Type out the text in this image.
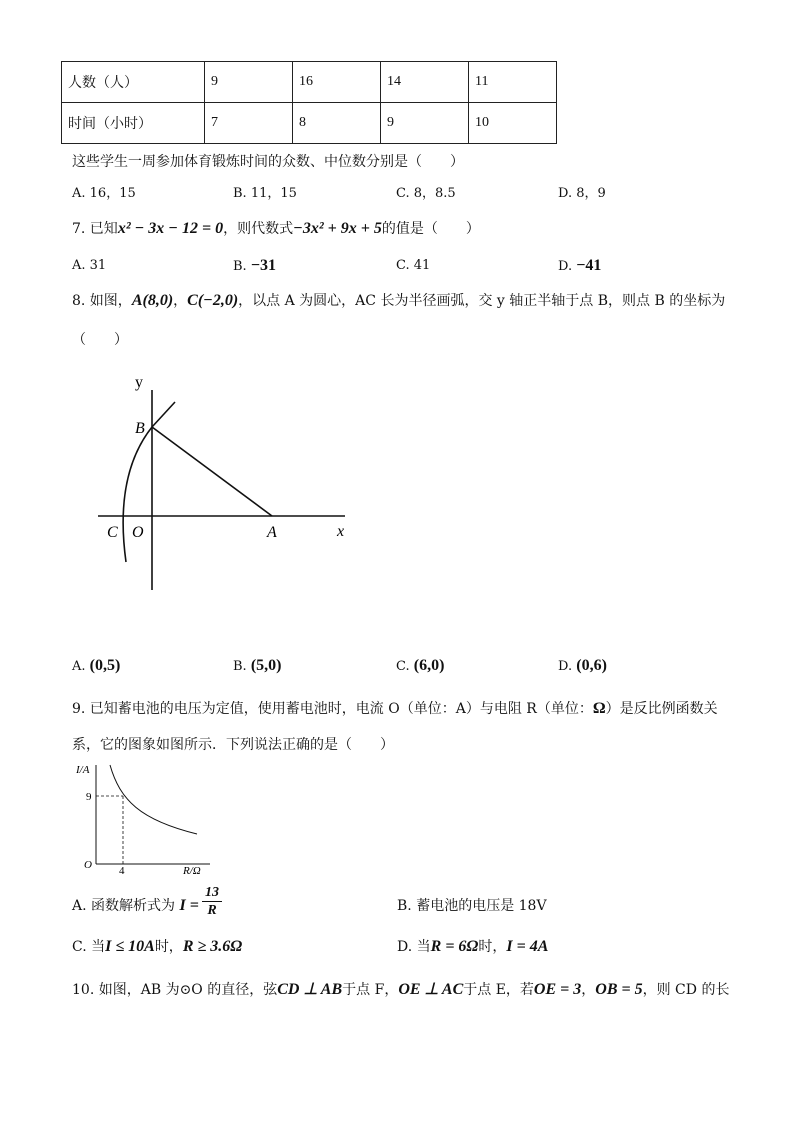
人数（人）	9	16	14	11
时间（小时）	7	8	9	10
这些学生一周参加体育锻炼时间的众数、中位数分别是（　　）
A. 16，15	B. 11，15	C. 8，8.5	D. 8，9
7. 已知x² − 3x − 12 = 0，则代数式−3x² + 9x + 5的值是（　　）
A. 31	B. −31	C. 41	D. −41
8. 如图，A(8,0)，C(−2,0)，以点 A 为圆心，AC 长为半径画弧，交 y 轴正半轴于点 B，则点 B 的坐标为
（　　）
y
x
B
C O	A
A. (0,5)	B. (5,0)	C. (6,0)	D. (0,6)
9. 已知蓄电池的电压为定值，使用蓄电池时，电流 O（单位：A）与电阻 R（单位：Ω）是反比例函数关
系，它的图象如图所示．下列说法正确的是（　　）
I/A
R/Ω
O
9
4
A. 函数解析式为 $I = \frac{13}{R}$	B. 蓄电池的电压是 18V
C. 当I ≤ 10A时，R ≥ 3.6Ω	D. 当R = 6Ω时，I = 4A
10. 如图，AB 为⊙O 的直径，弦CD ⊥ AB于点 F，OE ⊥ AC于点 E，若OE = 3，OB = 5，则 CD 的长
